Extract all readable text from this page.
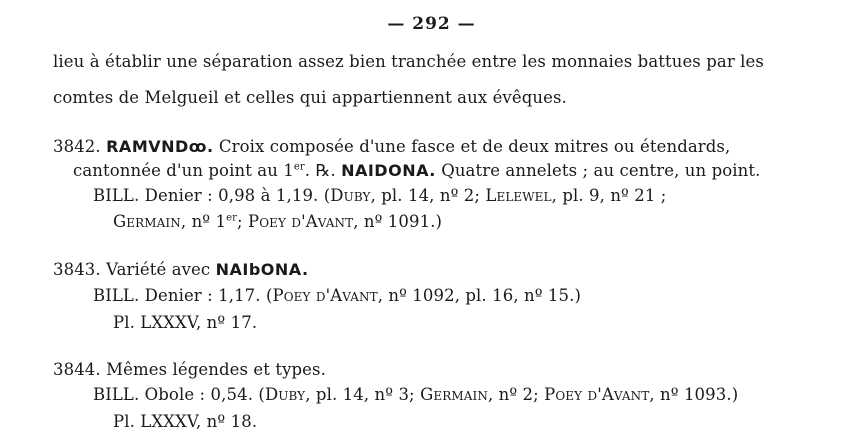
— 292 —
lieu à établir une séparation assez bien tranchée entre les monnaies battues par les
comtes de Melgueil et celles qui appartiennent aux évêques.
3842. RAMVNDꝏ. Croix composée d'une fasce et de deux mitres ou étendards,
cantonnée d'un point au 1er. ℞. NAIDONA. Quatre annelets ; au centre, un point.
BILL. Denier : 0,98 à 1,19. (Duby, pl. 14, nº 2; Lelewel, pl. 9, nº 21 ;
Germain, nº 1er; Poey d'Avant, nº 1091.)
3843. Variété avec NAIbONA.
BILL. Denier : 1,17. (Poey d'Avant, nº 1092, pl. 16, nº 15.)
Pl. LXXXV, nº 17.
3844. Mêmes légendes et types.
BILL. Obole : 0,54. (Duby, pl. 14, nº 3; Germain, nº 2; Poey d'Avant, nº 1093.)
Pl. LXXXV, nº 18.
